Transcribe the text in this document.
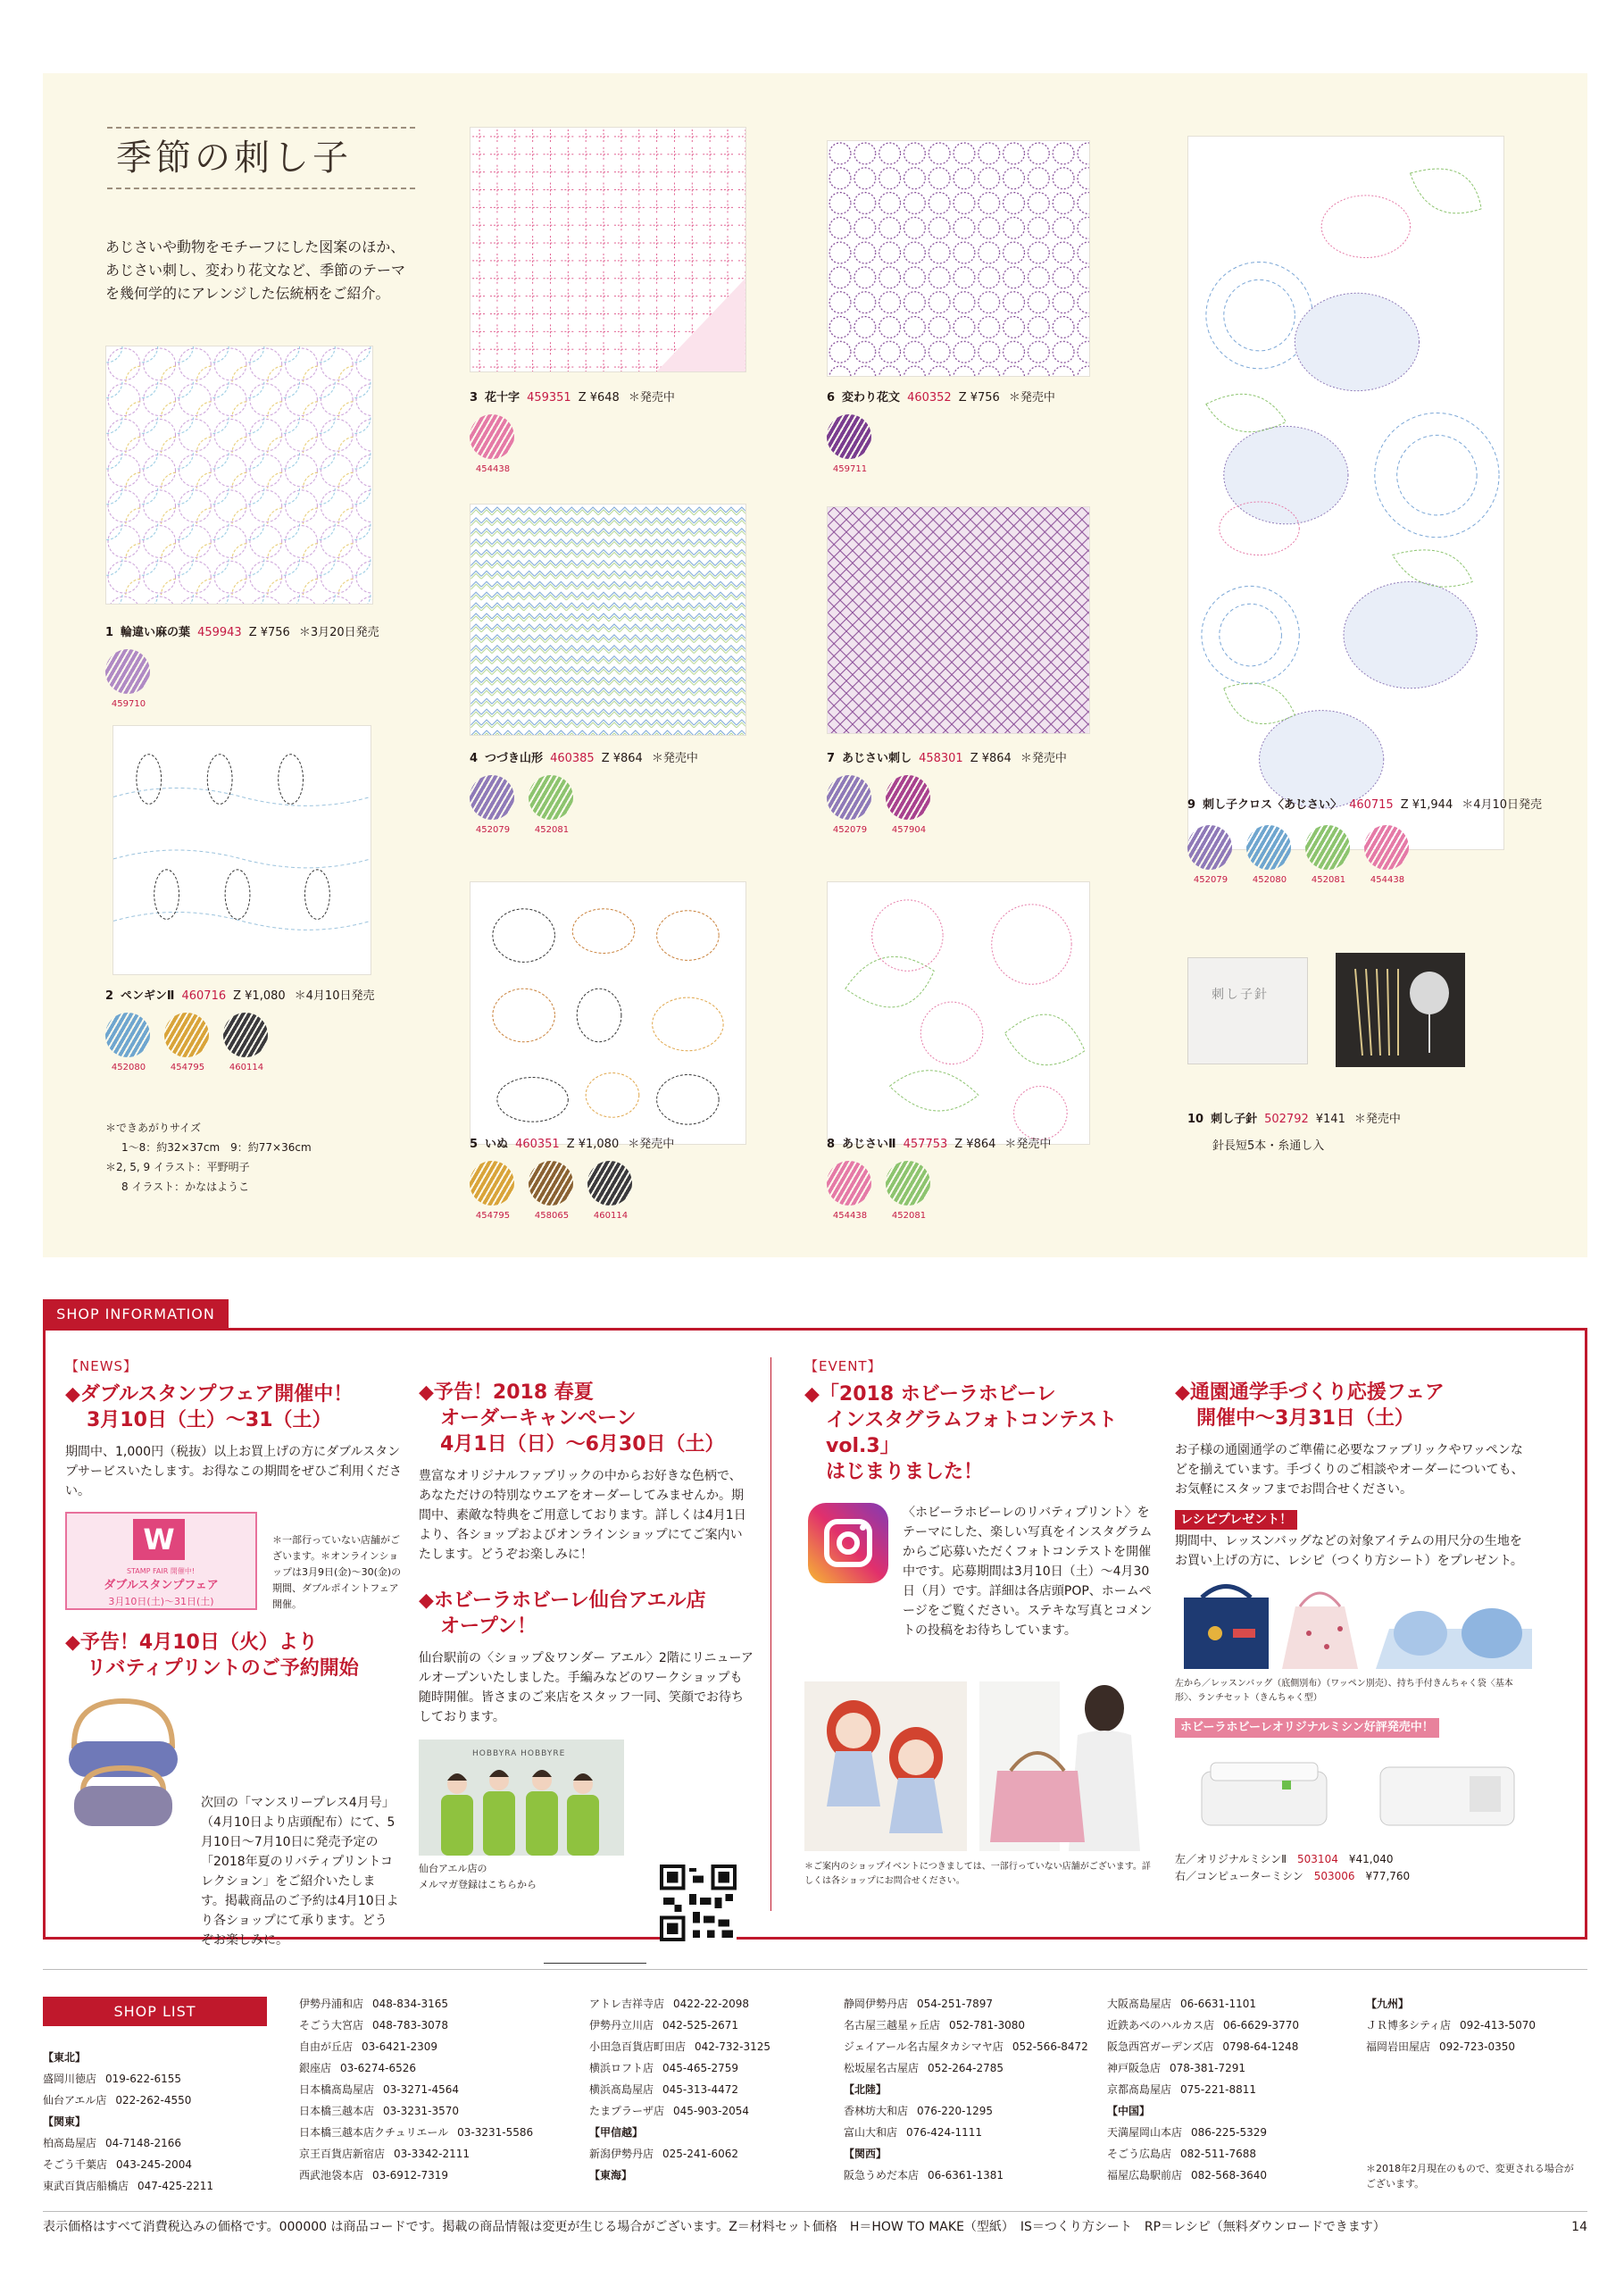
季節の刺し子
あじさいや動物をモチーフにした図案のほか、
あじさい刺し、変わり花文など、季節のテーマ
を幾何学的にアレンジした伝統柄をご紹介。
刺し子針
1 輪違い麻の葉 459943 Z ¥756 ＊3月20日発売
459710
2 ペンギンⅡ 460716 Z ¥1,080 ＊4月10日発売
452080	454795	460114
3 花十字 459351 Z ¥648 ＊発売中
454438
4 つづき山形 460385 Z ¥864 ＊発売中
452079	452081
5 いぬ 460351 Z ¥1,080 ＊発売中
454795	458065	460114
6 変わり花文 460352 Z ¥756 ＊発売中
459711
7 あじさい刺し 458301 Z ¥864 ＊発売中
452079	457904
8 あじさいⅡ 457753 Z ¥864 ＊発売中
454438	452081
9 刺し子クロス〈あじさい〉 460715 Z ¥1,944 ＊4月10日発売
452079	452080	452081	454438
10 刺し子針 502792 ¥141 ＊発売中
針長短5本・糸通し入
＊できあがりサイズ
1〜8：約32×37cm　9：約77×36cm
＊2, 5, 9 イラスト：平野明子
8 イラスト：かなはようこ
SHOP INFORMATION
【NEWS】
◆ダブルスタンプフェア開催中！
3月10日（土）〜31（土）
期間中、1,000円（税抜）以上お買上げの方にダブルスタンプサービスいたします。お得なこの期間をぜひご利用ください。
W
STAMP FAIR 開催中!
ダブルスタンプフェア
3月10日(土)〜31日(土)
＊一部行っていない店舗がございます。＊オンラインショップは3月9日(金)〜30(金)の期間、ダブルポイントフェア開催。
◆予告！4月10日（火）より
リバティプリントのご予約開始
次回の「マンスリープレス4月号」（4月10日より店頭配布）にて、5月10日〜7月10日に発売予定の「2018年夏のリバティプリントコレクション」をご紹介いたします。掲載商品のご予約は4月10日より各ショップにて承ります。どうぞお楽しみに。
◆予告！2018 春夏
オーダーキャンペーン
4月1日（日）〜6月30日（土）
豊富なオリジナルファブリックの中からお好きな色柄で、あなただけの特別なウエアをオーダーしてみませんか。期間中、素敵な特典をご用意しております。詳しくは4月1日より、各ショップおよびオンラインショップにてご案内いたします。どうぞお楽しみに！
◆ホビーラホビーレ仙台アエル店
オープン！
仙台駅前の〈ショップ＆ワンダー アエル〉2階にリニューアルオープンいたしました。手編みなどのワークショップも随時開催。皆さまのご来店をスタッフ一同、笑顔でお待ちしております。
HOBBYRA HOBBYRE
仙台アエル店の
メルマガ登録はこちらから
【EVENT】
◆「2018 ホビーラホビーレ
インスタグラムフォトコンテストvol.3」
はじまりました！
〈ホビーラホビーレのリバティプリント〉をテーマにした、楽しい写真をインスタグラムからご応募いただくフォトコンテストを開催中です。応募期間は3月10日（土）〜4月30日（月）です。詳細は各店頭POP、ホームページをご覧ください。ステキな写真とコメントの投稿をお待ちしています。
＊ご案内のショップイベントにつきましては、一部行っていない店舗がございます。詳しくは各ショップにお問合せください。
◆通園通学手づくり応援フェア
開催中〜3月31日（土）
お子様の通園通学のご準備に必要なファブリックやワッペンなどを揃えています。手づくりのご相談やオーダーについても、お気軽にスタッフまでお問合せください。
レシピプレゼント！
期間中、レッスンバッグなどの対象アイテムの用尺分の生地をお買い上げの方に、レシピ（つくり方シート）をプレゼント。
左から／レッスンバッグ（底側別布）（ワッペン別売）、持ち手付きんちゃく袋〈基本形〉、ランチセット（きんちゃく型）
ホビーラホビーレオリジナルミシン好評発売中！
左／オリジナルミシンⅡ　 503104　 ¥41,040
右／コンピューターミシン　 503006　 ¥77,760
SHOP LIST
【東北】
盛岡川徳店 019-622-6155
仙台アエル店 022-262-4550
【関東】
柏髙島屋店 04-7148-2166
そごう千葉店 043-245-2004
東武百貨店船橋店 047-425-2211
伊勢丹浦和店 048-834-3165
そごう大宮店 048-783-3078
自由が丘店 03-6421-2309
銀座店 03-6274-6526
日本橋髙島屋店 03-3271-4564
日本橋三越本店 03-3231-3570
日本橋三越本店クチュリエール 03-3231-5586
京王百貨店新宿店 03-3342-2111
西武池袋本店 03-6912-7319
アトレ吉祥寺店 0422-22-2098
伊勢丹立川店 042-525-2671
小田急百貨店町田店 042-732-3125
横浜ロフト店 045-465-2759
横浜髙島屋店 045-313-4472
たまプラーザ店 045-903-2054
【甲信越】
新潟伊勢丹店 025-241-6062
【東海】
静岡伊勢丹店 054-251-7897
名古屋三越星ヶ丘店 052-781-3080
ジェイアール名古屋タカシマヤ店 052-566-8472
松坂屋名古屋店 052-264-2785
【北陸】
香林坊大和店 076-220-1295
富山大和店 076-424-1111
【関西】
阪急うめだ本店 06-6361-1381
大阪髙島屋店 06-6631-1101
近鉄あべのハルカス店 06-6629-3770
阪急西宮ガーデンズ店 0798-64-1248
神戸阪急店 078-381-7291
京都髙島屋店 075-221-8811
【中国】
天満屋岡山本店 086-225-5329
そごう広島店 082-511-7688
福屋広島駅前店 082-568-3640
【九州】
ＪＲ博多シティ店 092-413-5070
福岡岩田屋店 092-723-0350
＊2018年2月現在のもので、変更される場合がございます。
表示価格はすべて消費税込みの価格です。000000 は商品コードです。掲載の商品情報は変更が生じる場合がございます。Z＝材料セット価格　H＝HOW TO MAKE（型紙）　IS＝つくり方シート　RP＝レシピ（無料ダウンロードできます）	14
